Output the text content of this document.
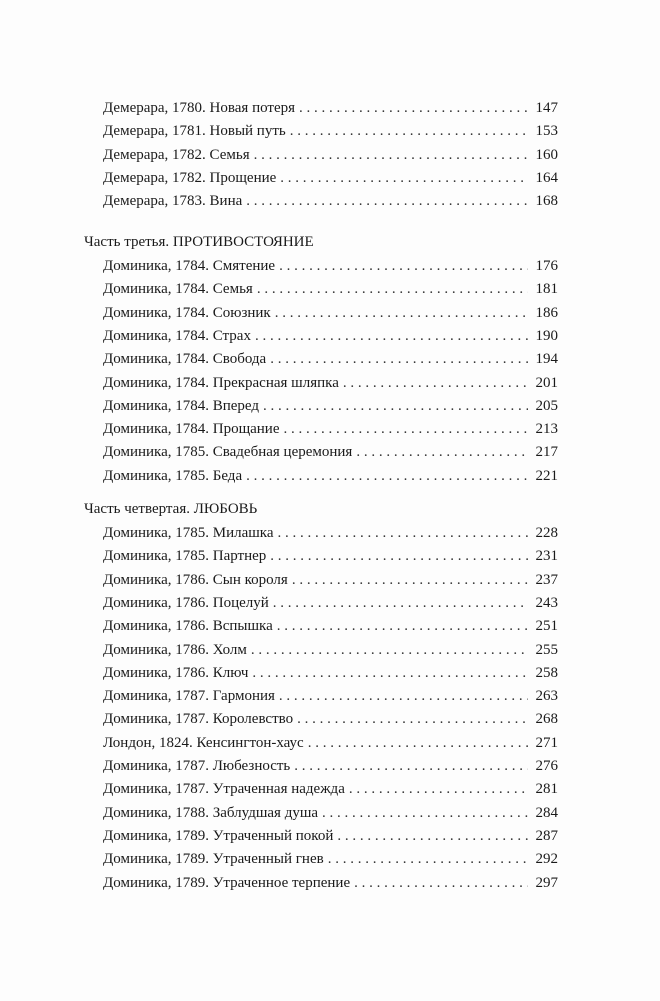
Демерара, 1780. Новая потеря . . .	147
Демерара, 1781. Новый путь . . .	153
Демерара, 1782. Семья . . .	160
Демерара, 1782. Прощение . . .	164
Демерара, 1783. Вина . . .	168
Часть третья. ПРОТИВОСТОЯНИЕ
Доминика, 1784. Смятение . . .	176
Доминика, 1784. Семья . . .	181
Доминика, 1784. Союзник . . .	186
Доминика, 1784. Страх . . .	190
Доминика, 1784. Свобода . . .	194
Доминика, 1784. Прекрасная шляпка . . .	201
Доминика, 1784. Вперед . . .	205
Доминика, 1784. Прощание . . .	213
Доминика, 1785. Свадебная церемония . . .	217
Доминика, 1785. Беда . . .	221
Часть четвертая. ЛЮБОВЬ
Доминика, 1785. Милашка . . .	228
Доминика, 1785. Партнер . . .	231
Доминика, 1786. Сын короля . . .	237
Доминика, 1786. Поцелуй . . .	243
Доминика, 1786. Вспышка . . .	251
Доминика, 1786. Холм . . .	255
Доминика, 1786. Ключ . . .	258
Доминика, 1787. Гармония . . .	263
Доминика, 1787. Королевство . . .	268
Лондон, 1824. Кенсингтон-хаус . . .	271
Доминика, 1787. Любезность . . .	276
Доминика, 1787. Утраченная надежда . . .	281
Доминика, 1788. Заблудшая душа . . .	284
Доминика, 1789. Утраченный покой . . .	287
Доминика, 1789. Утраченный гнев . . .	292
Доминика, 1789. Утраченное терпение . . .	297
